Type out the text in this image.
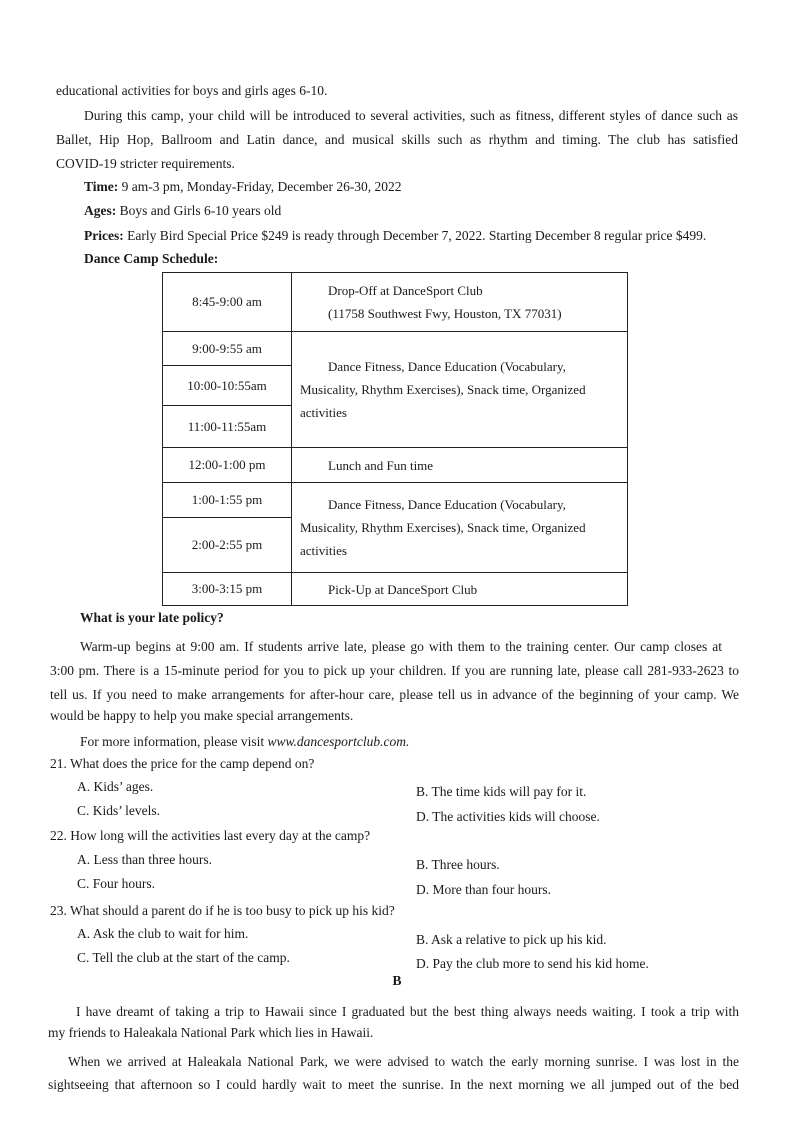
educational activities for boys and girls ages 6-10.
During this camp, your child will be introduced to several activities, such as fitness, different styles of dance such as
Ballet, Hip Hop, Ballroom and Latin dance, and musical skills such as rhythm and timing. The club has satisfied
COVID-19 stricter requirements.
Time: 9 am-3 pm, Monday-Friday, December 26-30, 2022
Ages: Boys and Girls 6-10 years old
Prices: Early Bird Special Price $249 is ready through December 7, 2022. Starting December 8 regular price $499.
Dance Camp Schedule:
8:45-9:00 am	Drop-Off at DanceSport Club
(11758 Southwest Fwy, Houston, TX 77031)

9:00-9:55 am	Dance Fitness, Dance Education (Vocabulary,
Musicality, Rhythm Exercises), Snack time, Organized
activities

10:00-10:55am	
11:00-11:55am	
12:00-1:00 pm	Lunch and Fun time

1:00-1:55 pm	Dance Fitness, Dance Education (Vocabulary,
Musicality, Rhythm Exercises), Snack time, Organized
activities

2:00-2:55 pm	
3:00-3:15 pm	Pick-Up at DanceSport Club
What is your late policy?
Warm-up begins at 9:00 am. If students arrive late, please go with them to the training center. Our camp closes at
3:00 pm. There is a 15-minute period for you to pick up your children. If you are running late, please call 281-933-2623 to
tell us. If you need to make arrangements for after-hour care, please tell us in advance of the beginning of your camp. We
would be happy to help you make special arrangements.
For more information, please visit www.dancesportclub.com.
21. What does the price for the camp depend on?
A. Kids’ ages.	B. The time kids will pay for it.
C. Kids’ levels.	D. The activities kids will choose.
22. How long will the activities last every day at the camp?
A. Less than three hours.	B. Three hours.
C. Four hours.	D. More than four hours.
23. What should a parent do if he is too busy to pick up his kid?
A. Ask the club to wait for him.	B. Ask a relative to pick up his kid.
C. Tell the club at the start of the camp.	D. Pay the club more to send his kid home.
B
I have dreamt of taking a trip to Hawaii since I graduated but the best thing always needs waiting. I took a trip with
my friends to Haleakala National Park which lies in Hawaii.
When we arrived at Haleakala National Park, we were advised to watch the early morning sunrise. I was lost in the
sightseeing that afternoon so I could hardly wait to meet the sunrise. In the next morning we all jumped out of the bed
